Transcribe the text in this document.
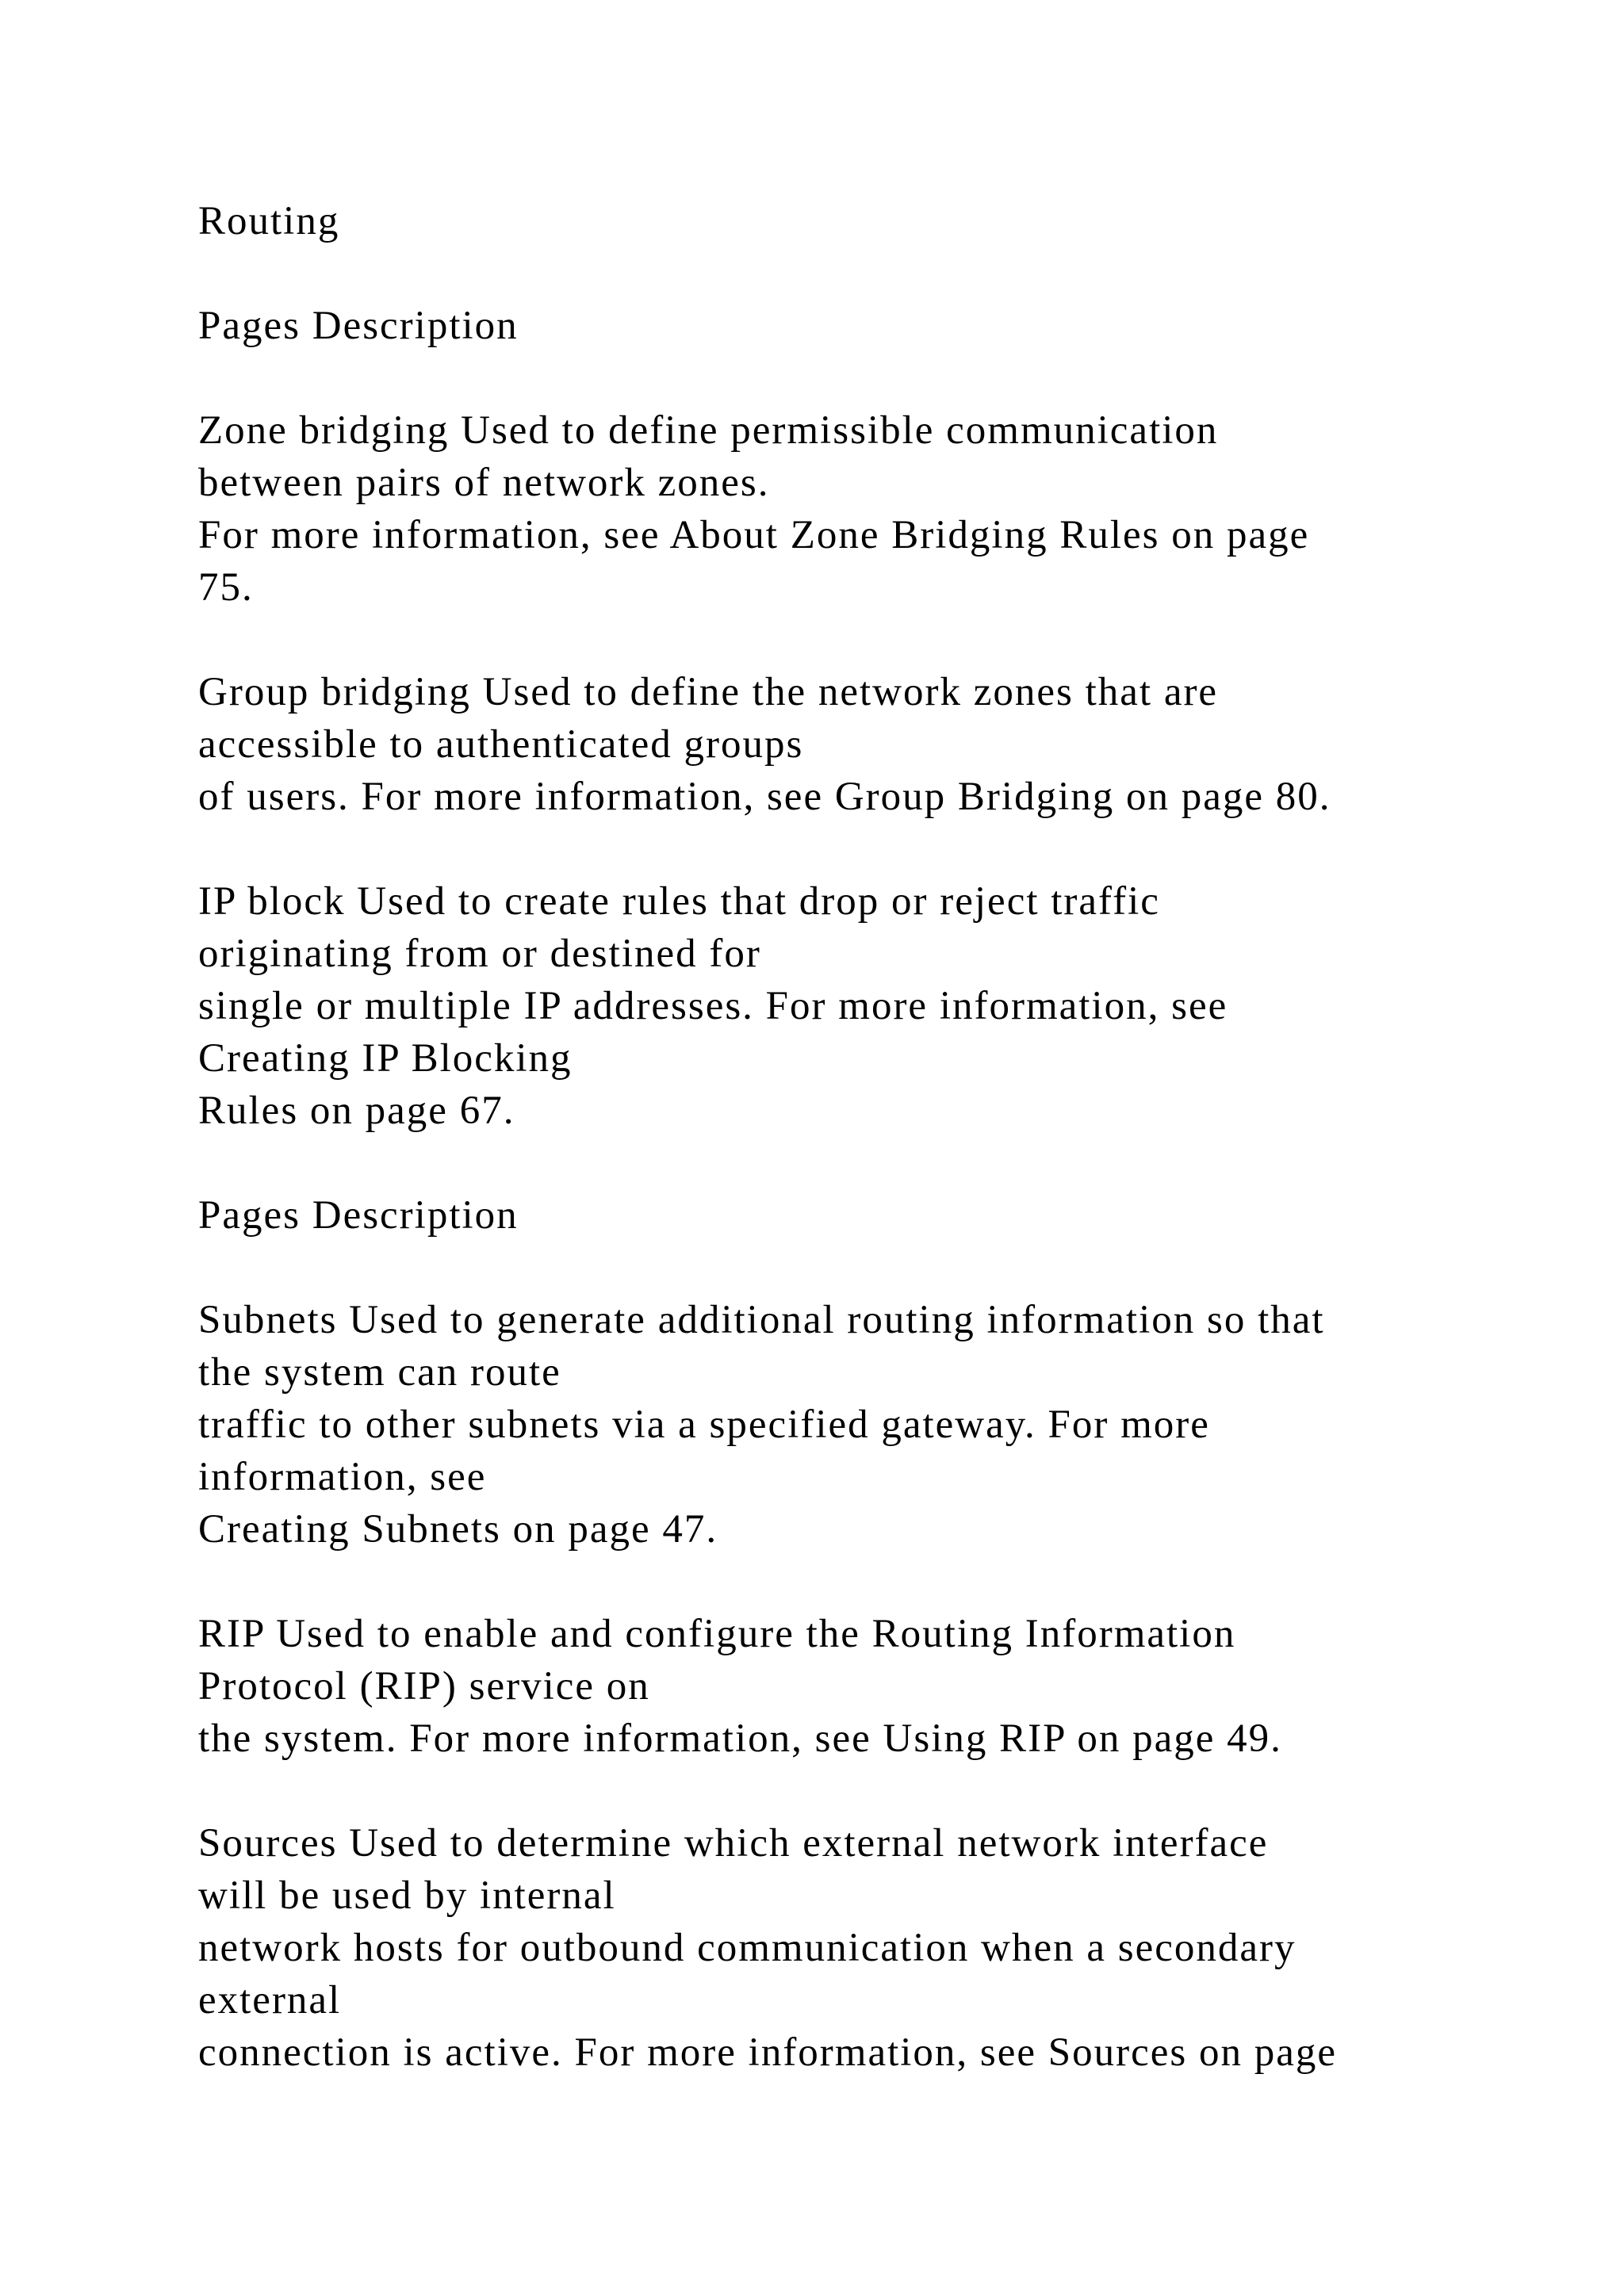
Routing
Pages Description
Zone bridging Used to define permissible communication
between pairs of network zones.
For more information, see About Zone Bridging Rules on page
75.
Group bridging Used to define the network zones that are
accessible to authenticated groups
of users. For more information, see Group Bridging on page 80.
IP block Used to create rules that drop or reject traffic
originating from or destined for
single or multiple IP addresses. For more information, see
Creating IP Blocking
Rules on page 67.
Pages Description
Subnets Used to generate additional routing information so that
the system can route
traffic to other subnets via a specified gateway. For more
information, see
Creating Subnets on page 47.
RIP Used to enable and configure the Routing Information
Protocol (RIP) service on
the system. For more information, see Using RIP on page 49.
Sources Used to determine which external network interface
will be used by internal
network hosts for outbound communication when a secondary
external
connection is active. For more information, see Sources on page
